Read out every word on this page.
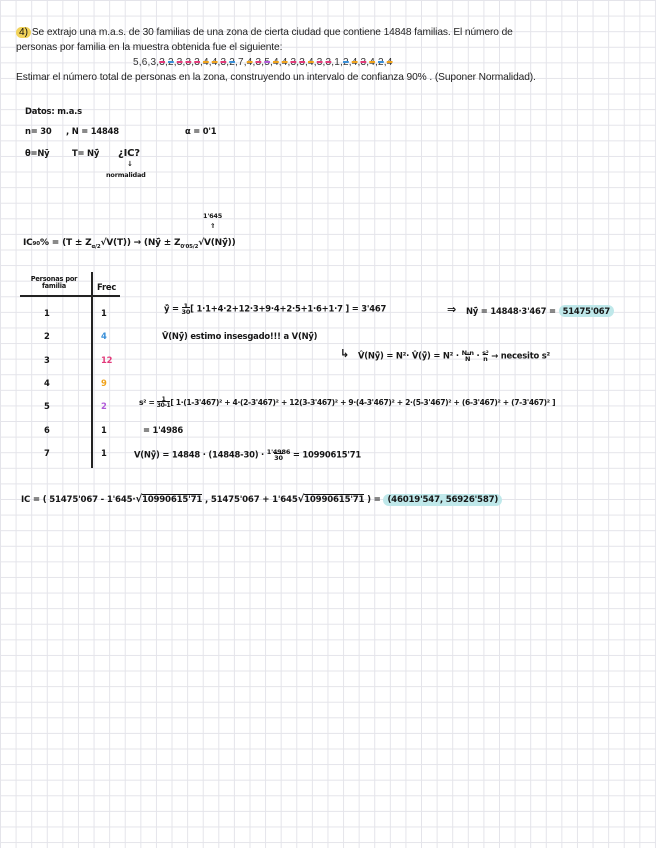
4) Se extrajo una m.a.s. de 30 familias de una zona de cierta ciudad que contiene 14848 familias. El número de
personas por familia en la muestra obtenida fue el siguiente:
5,6,3,3,2,3,3,3,4,4,3,2,7,4,3,5,4,4,3,3,4,3,3,1,2,4,3,4,2,4
Estimar el número total de personas en la zona, construyendo un intervalo de confianza 90% . (Suponer Normalidad).
Datos: m.a.s
n= 30 , N = 14848	α = 0'1
θ=Nȳ	T= Nȳ̂ ¿IC?
↓
normalidad
1'645
⇑
$IC_{90}\% = (T \pm Z_{\alpha/2}√V(T))$ → (Nȳ̂ ± $Z_{0'05/2}√V(Nȳ̂)$)
Personas por familia	Frec
1	1
2	4
3	12
4	9
5	2
6	1
7	1
ȳ̂ = 1
30[ 1·1+4·2+12·3+9·4+2·5+1·6+1·7 ] = 3'467	⇒ Nȳ̂ = 14848·3'467 = 51475'067
V̂(Nȳ̂) estimo insesgado!!! a V(Nȳ̂)
↳ V̂(Nȳ̂) = N²· V̂(ȳ̂) = N² · N-n
N · s²
n → necesito s²
s² = 1
30-1[ 1·(1-3'467)² + 4·(2-3'467)² + 12(3-3'467)² + 9·(4-3'467)² + 2·(5-3'467)² + (6-3'467)² + (7-3'467)² ]
= 1'4986
V(Nȳ̂) = 14848 · (14848-30) · 1'4986
30 = 10990615'71
IC = ( 51475'067 - 1'645·√10990615'71 , 51475'067 + 1'645√10990615'71 ) = (46019'547, 56926'587)
